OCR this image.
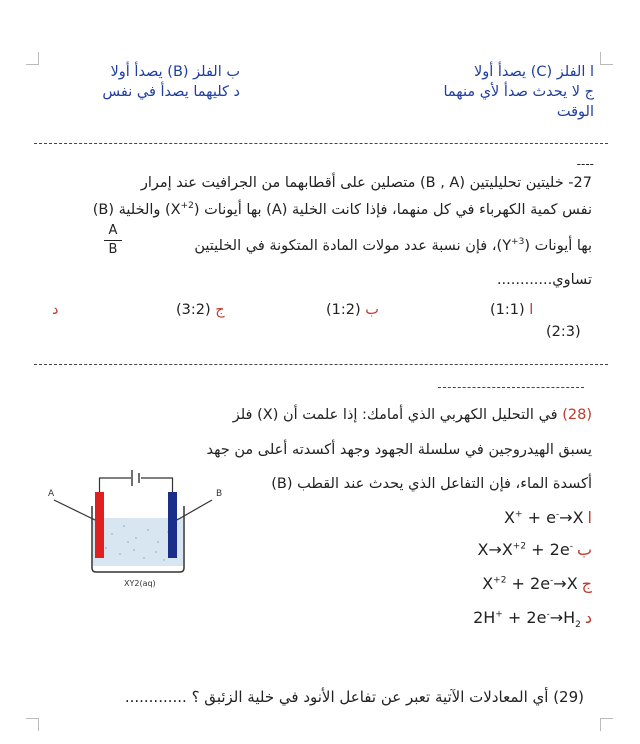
ا الفلز (C) يصدأ أولا
ج لا يحدث صدأ لأي منهما
الوقت
ب الفلز (B) يصدأ أولا
د كليهما يصدأ في نفس
----
27- خليتين تحليليتين (B , A) متصلين على أقطابهما من الجرافيت عند إمرار
نفس كمية الكهرباء في كل منهما، فإذا كانت الخلية (A) بها أيونات $(X^{+2})$ والخلية (B)
بها أيونات $(Y^{+3})،$ فإن نسبة عدد مولات المادة المتكونة في الخليتين
A
B
تساوي............
(1:1) ا
(1:2) ب
(3:2) ج
د
(2:3)
(28) في التحليل الكهربي الذي أمامك: إذا علمت أن (X) فلز
يسبق الهيدروجين في سلسلة الجهود وجهد أكسدته أعلى من جهد
أكسدة الماء، فإن التفاعل الذي يحدث عند القطب (B)
A	B
XY2(aq)
X+ + e-→X ا
$X\to X^{+2} + 2e^-$ ب
$X^{+2} + 2e^-\to X$ ج
$2H^+ + 2e^-\to H_2$ د
(29) أي المعادلات الآتية تعبر عن تفاعل الأنود في خلية الزئبق ؟ .............
